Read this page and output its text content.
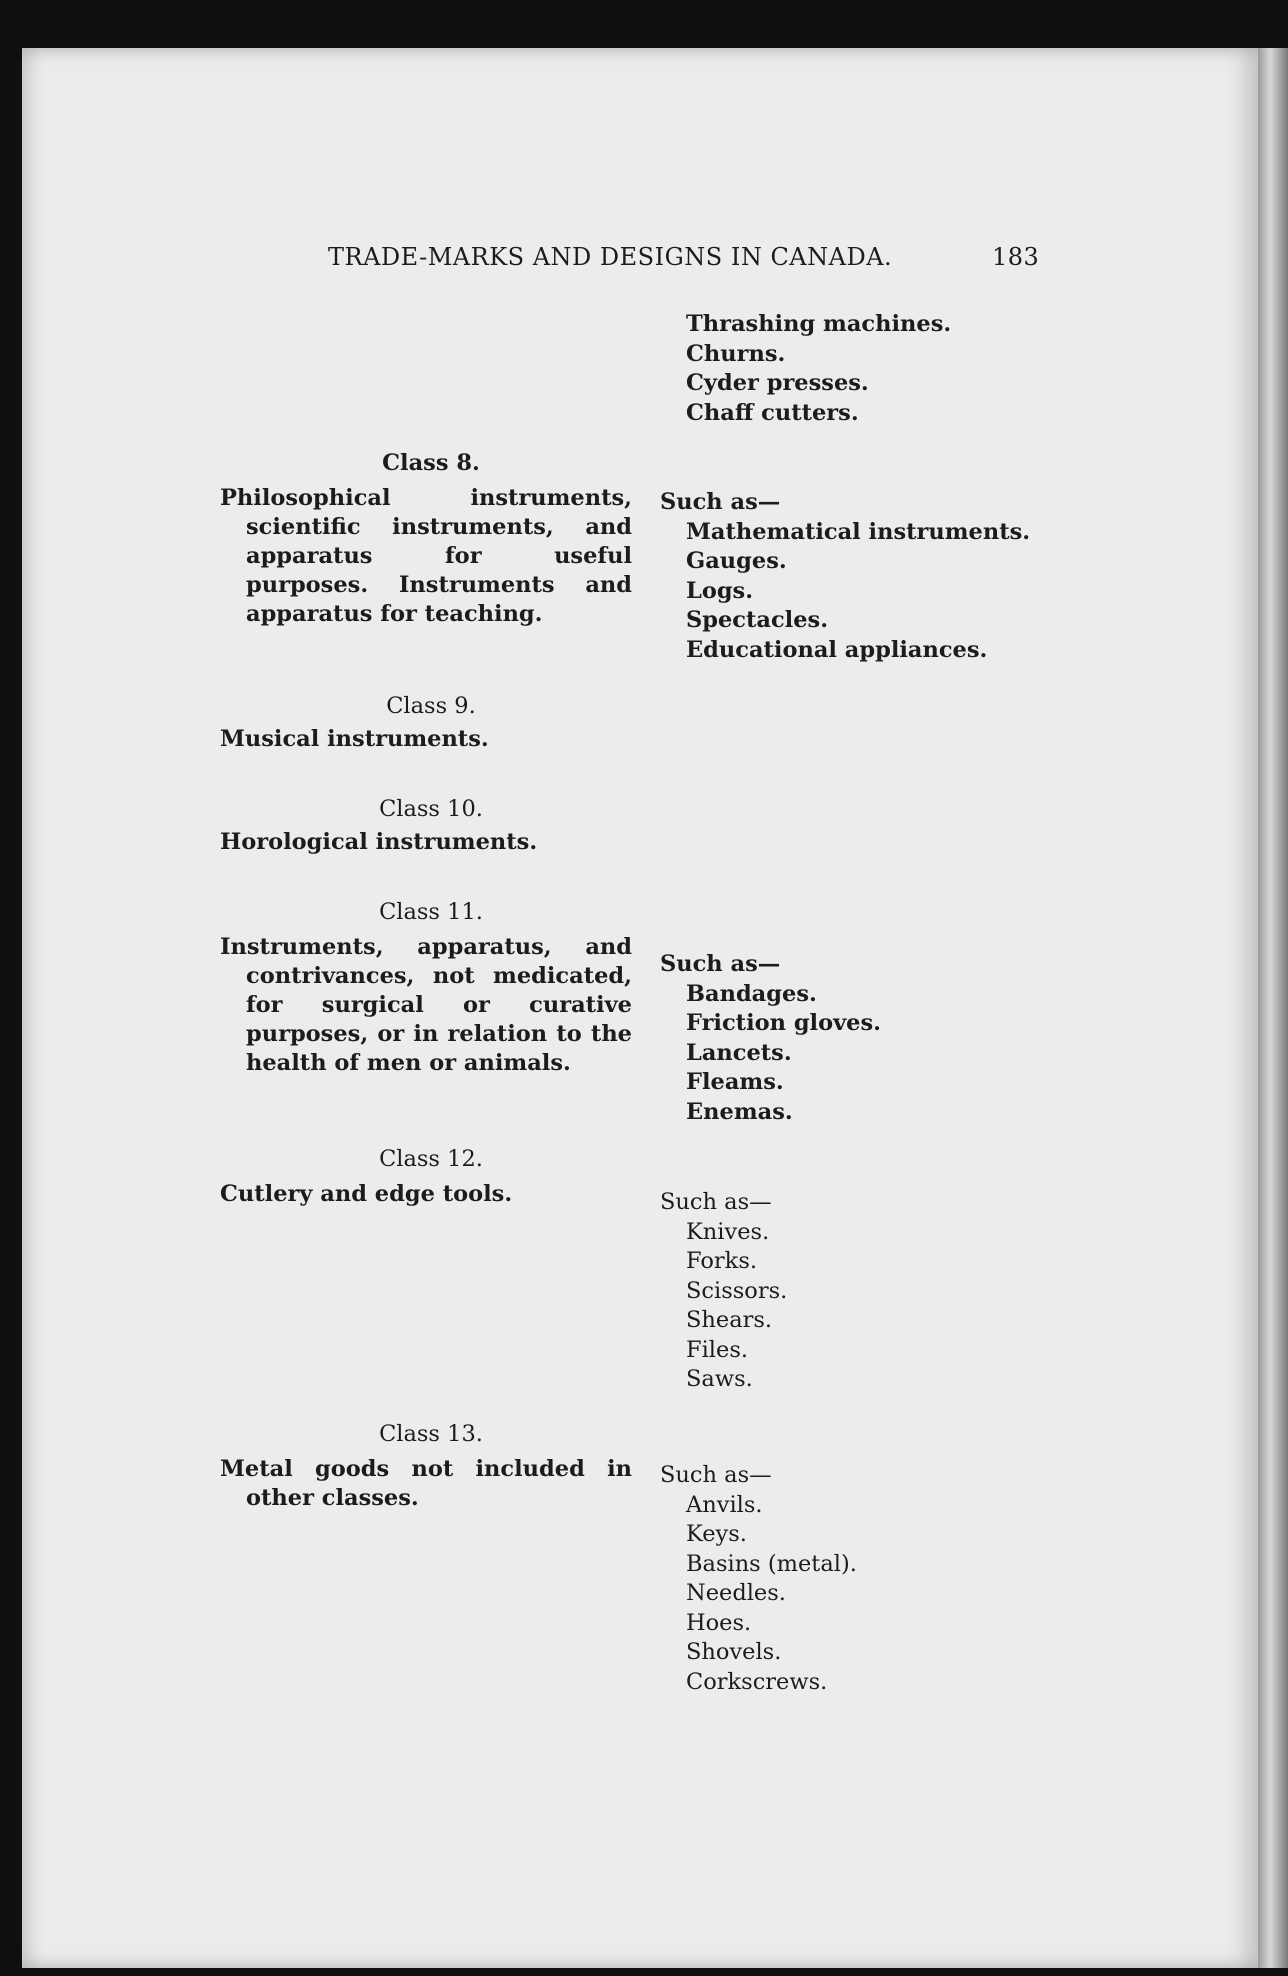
TRADE-MARKS AND DESIGNS IN CANADA.	183
Thrashing machines.
Churns.
Cyder presses.
Chaff cutters.

Class 8.

Philosophical instruments, scientific instruments, and apparatus for useful purposes. Instruments and apparatus for teaching.

Such as—

Mathematical instruments.
Gauges.
Logs.
Spectacles.
Educational appliances.

Class 9.

Musical instruments.

Class 10.

Horological instruments.

Class 11.

Instruments, apparatus, and contrivances, not medicated, for surgical or curative purposes, or in relation to the health of men or animals.

Such as—

Bandages.
Friction gloves.
Lancets.
Fleams.
Enemas.

Class 12.

Cutlery and edge tools.	Such as—

Knives.
Forks.
Scissors.
Shears.
Files.
Saws.

Class 13.

Metal goods not included in other classes.

Such as—

Anvils.
Keys.
Basins (metal).
Needles.
Hoes.
Shovels.
Corkscrews.
